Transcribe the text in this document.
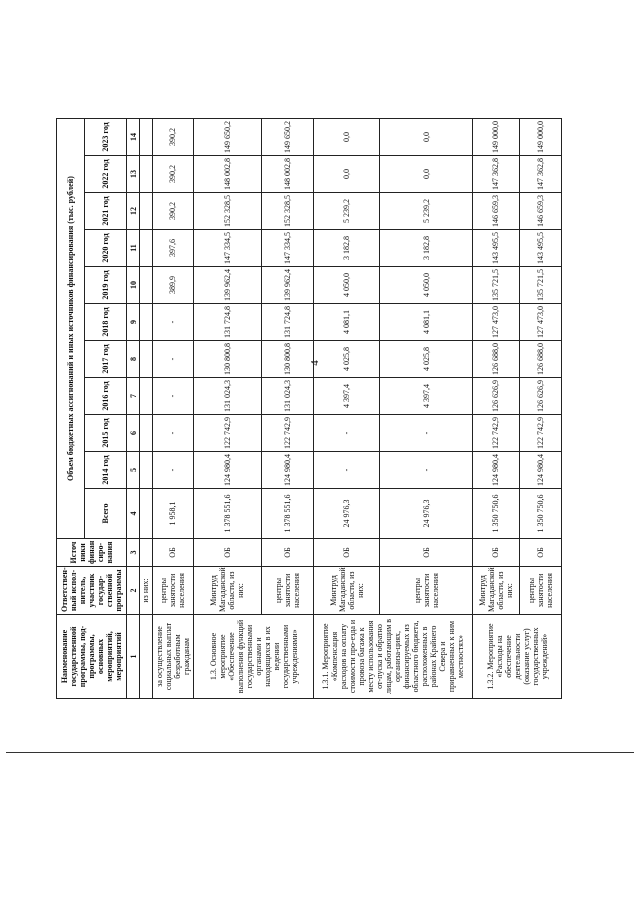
4
Наименование государственной программы, под-программы, основных мероприятий, мероприятий	Ответствен-ный испол-нитель, участник государ-ственной программы	Источ ники финан сиро-вания	Объем бюджетных ассигнований и иных источников финансирования (тыс. рублей)										
			Всего	2014 год	2015 год	2016 год	2017 год	2018 год	2019 год	2020 год	2021 год	2022 год	2023 год
1	2	3	4	5	6	7	8	9	10	11	12	13	14
	из них:												
за осуществление социальных выплат безработным гражданам	центры занятости населения	ОБ	1 958,1	-	-	-	-	-	389,9	397,6	390,2	390,2	390,2
1.3. Основное мероприятие «Обеспечение выполнения функций государственными органами и находящихся в их ведении государственными учреждениями»	Минтруд Магаданской области, из них:	ОБ	1 378 551,6	124 980,4	122 742,9	131 024,3	130 800,8	131 724,8	139 962,4	147 334,5	152 328,5	148 002,8	149 650,2
	центры занятости населения	ОБ	1 378 551,6	124 980,4	122 742,9	131 024,3	130 800,8	131 724,8	139 962,4	147 334,5	152 328,5	148 002,8	149 650,2
1.3.1. Мероприятие «Компенсация расходов на оплату стоимости про-езда и провоза багажа к месту использования от-пуска и обратно лицам, работающим в организа-циях, финансируемых из областного бюджета, расположенных в районах Крайнего Севера и приравненных к ним местностях»	Минтруд Магаданской области, из них:	ОБ	24 976,3	-	-	4 397,4	4 025,8	4 081,1	4 050,0	3 182,8	5 239,2	0,0	0,0
	центры занятости населения	ОБ	24 976,3	-	-	4 397,4	4 025,8	4 081,1	4 050,0	3 182,8	5 239,2	0,0	0,0
1.3.2. Мероприятие «Расходы на обеспечение деятельности (оказание услуг) государственных учреждений»	Минтруд Магаданской области, из них:	ОБ	1 350 750,6	124 980,4	122 742,9	126 626,9	126 688,0	127 473,0	135 721,5	143 495,5	146 659,3	147 362,8	149 000,0
	центры занятости населения	ОБ	1 350 750,6	124 980,4	122 742,9	126 626,9	126 688,0	127 473,0	135 721,5	143 495,5	146 659,3	147 362,8	149 000,0
